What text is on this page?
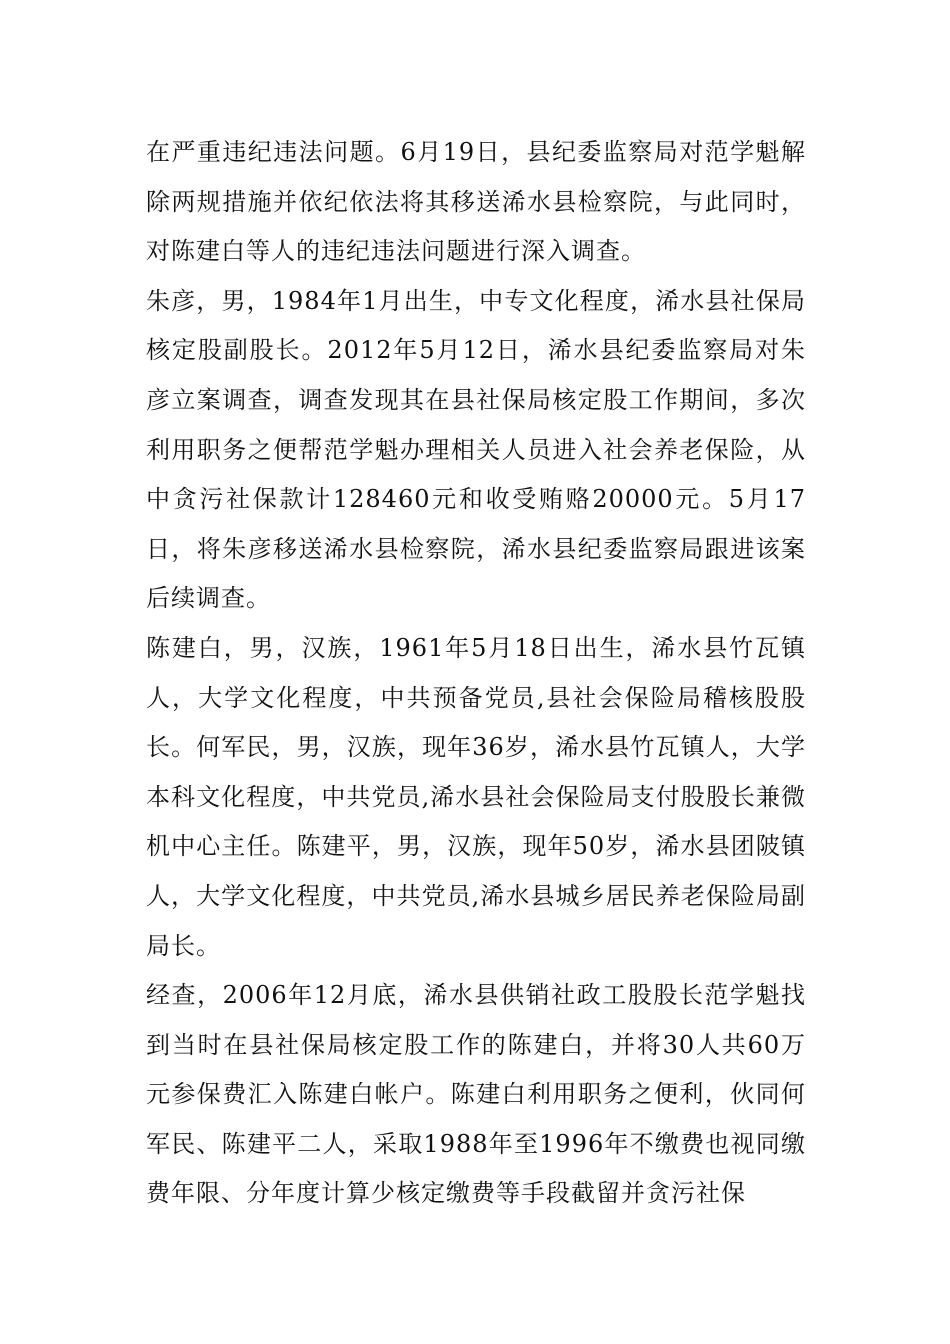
在严重违纪违法问题。6月19日，县纪委监察局对范学魁解除两规措施并依纪依法将其移送浠水县检察院，与此同时，对陈建白等人的违纪违法问题进行深入调查。

朱彦，男，1984年1月出生，中专文化程度，浠水县社保局核定股副股长。2012年5月12日，浠水县纪委监察局对朱彦立案调查，调查发现其在县社保局核定股工作期间，多次利用职务之便帮范学魁办理相关人员进入社会养老保险，从中贪污社保款计128460元和收受贿赂20000元。5月17日，将朱彦移送浠水县检察院，浠水县纪委监察局跟进该案后续调查。

陈建白，男，汉族，1961年5月18日出生，浠水县竹瓦镇人，大学文化程度，中共预备党员,县社会保险局稽核股股长。何军民，男，汉族，现年36岁，浠水县竹瓦镇人，大学本科文化程度，中共党员,浠水县社会保险局支付股股长兼微机中心主任。陈建平，男，汉族，现年50岁，浠水县团陂镇人，大学文化程度，中共党员,浠水县城乡居民养老保险局副局长。

经查，2006年12月底，浠水县供销社政工股股长范学魁找到当时在县社保局核定股工作的陈建白，并将30人共60万元参保费汇入陈建白帐户。陈建白利用职务之便利，伙同何军民、陈建平二人，采取1988年至1996年不缴费也视同缴费年限、分年度计算少核定缴费等手段截留并贪污社保
